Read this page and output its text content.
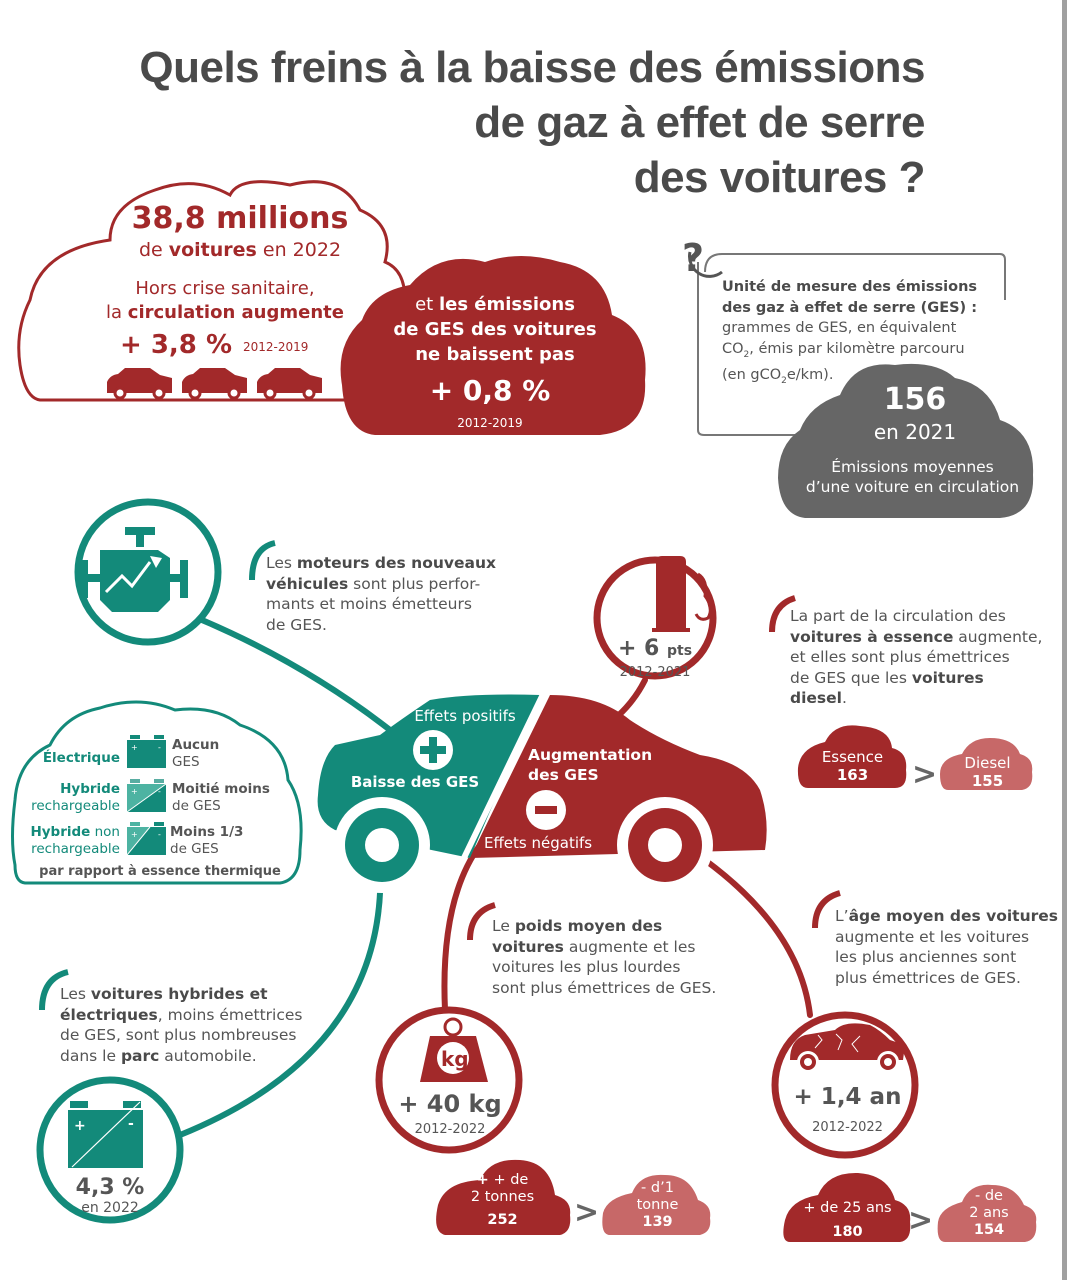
Quels freins à la baisse des émissions
de gaz à effet de serre
des voitures ?
+	-
+	-
+	-
+	-
kg
>
>	>
38,8 millions
de voitures en 2022
Hors crise sanitaire,
la circulation augmente
+ 3,8 % 2012-2019
et les émissions
de GES des voitures
ne baissent pas
+ 0,8 %
2012-2019
?
Unité de mesure des émissions
des gaz à effet de serre (GES) :
grammes de GES, en équivalent
$CO_2$, émis par kilomètre parcouru
(en gCO$_2$e/km).
156
en 2021
Émissions moyennes
d’une voiture en circulation
Les moteurs des nouveaux
véhicules sont plus perfor-
mants et moins émetteurs
de GES.
Électrique
Aucun
GES
Hybride
rechargeable
Moitié moins
de GES
Hybride non
rechargeable
Moins 1/3
de GES
par rapport à essence thermique
Effets positifs
Baisse des GES
Augmentation
des GES
Effets négatifs
+ 6 pts
2012-2021
La part de la circulation des
voitures à essence augmente,
et elles sont plus émettrices
de GES que les voitures
diesel.
Essence
163
Diesel
155
Les voitures hybrides et
électriques, moins émettrices
de GES, sont plus nombreuses
dans le parc automobile.
4,3 %
en 2022
Le poids moyen des
voitures augmente et les
voitures les plus lourdes
sont plus émettrices de GES.
+ 40 kg
2012-2022
+ + de
2 tonnes
252
- d’1
tonne
139
L’âge moyen des voitures
augmente et les voitures
les plus anciennes sont
plus émettrices de GES.
+ 1,4 an
2012-2022
+ de 25 ans
180
- de
2 ans
154
